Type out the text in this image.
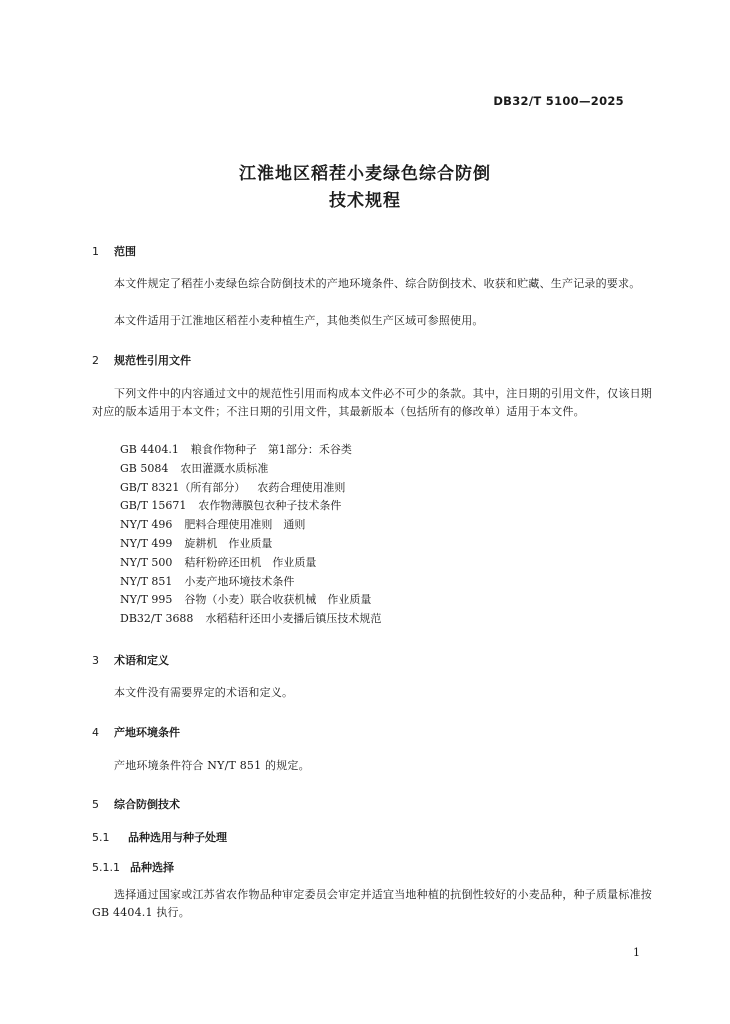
DB32/T 5100—2025
江淮地区稻茬小麦绿色综合防倒
技术规程
1 范围
本文件规定了稻茬小麦绿色综合防倒技术的产地环境条件、综合防倒技术、收获和贮藏、生产记录的要求。
本文件适用于江淮地区稻茬小麦种植生产，其他类似生产区域可参照使用。
2 规范性引用文件
下列文件中的内容通过文中的规范性引用而构成本文件必不可少的条款。其中，注日期的引用文件，仅该日期对应的版本适用于本文件；不注日期的引用文件，其最新版本（包括所有的修改单）适用于本文件。
GB 4404.1 粮食作物种子　第1部分：禾谷类
GB 5084 农田灌溉水质标准
GB/T 8321（所有部分） 农药合理使用准则
GB/T 15671 农作物薄膜包衣种子技术条件
NY/T 496 肥料合理使用准则　通则
NY/T 499 旋耕机　作业质量
NY/T 500 秸秆粉碎还田机　作业质量
NY/T 851 小麦产地环境技术条件
NY/T 995 谷物（小麦）联合收获机械　作业质量
DB32/T 3688 水稻秸秆还田小麦播后镇压技术规范
3 术语和定义
本文件没有需要界定的术语和定义。
4 产地环境条件
产地环境条件符合 NY/T 851 的规定。
5 综合防倒技术
5.1 品种选用与种子处理
5.1.1 品种选择
选择通过国家或江苏省农作物品种审定委员会审定并适宜当地种植的抗倒性较好的小麦品种，种子质量标准按 GB 4404.1 执行。
1
